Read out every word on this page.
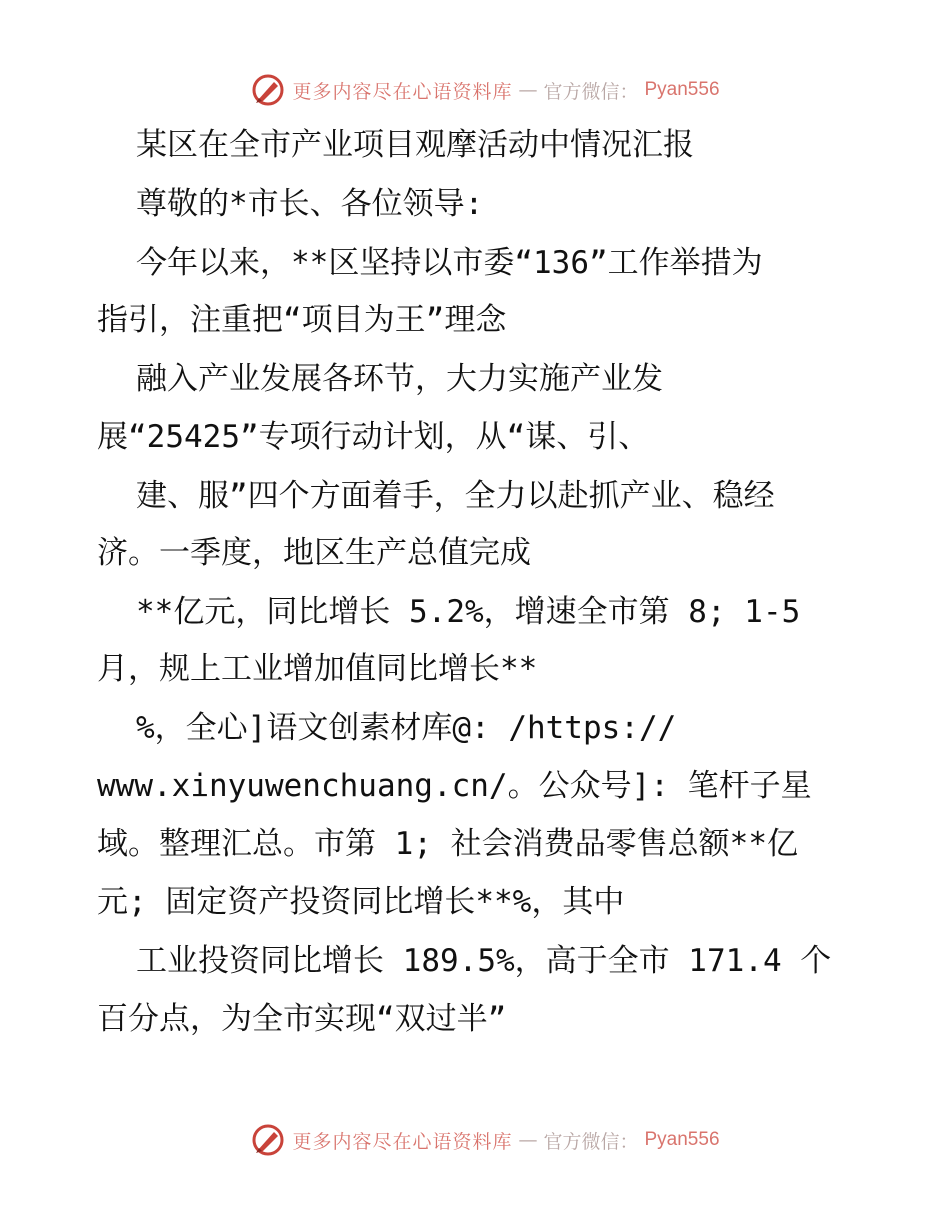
更多内容尽在心语资料库 — 官方微信： Pyan556
某区在全市产业项目观摩活动中情况汇报
尊敬的*市长、各位领导:
今年以来，**区坚持以市委“136”工作举措为
指引，注重把“项目为王”理念
融入产业发展各环节，大力实施产业发
展“25425”专项行动计划，从“谋、引、
建、服”四个方面着手，全力以赴抓产业、稳经
济。一季度，地区生产总值完成
**亿元，同比增长 5.2%，增速全市第 8; 1-5
月，规上工业增加值同比增长**
%，全心]语文创素材库@: /https://
www.xinyuwenchuang.cn/。公众号]: 笔杆子星
域。整理汇总。市第 1; 社会消费品零售总额**亿
元; 固定资产投资同比增长**%，其中
工业投资同比增长 189.5%，高于全市 171.4 个
百分点，为全市实现“双过半”
更多内容尽在心语资料库 — 官方微信： Pyan556
